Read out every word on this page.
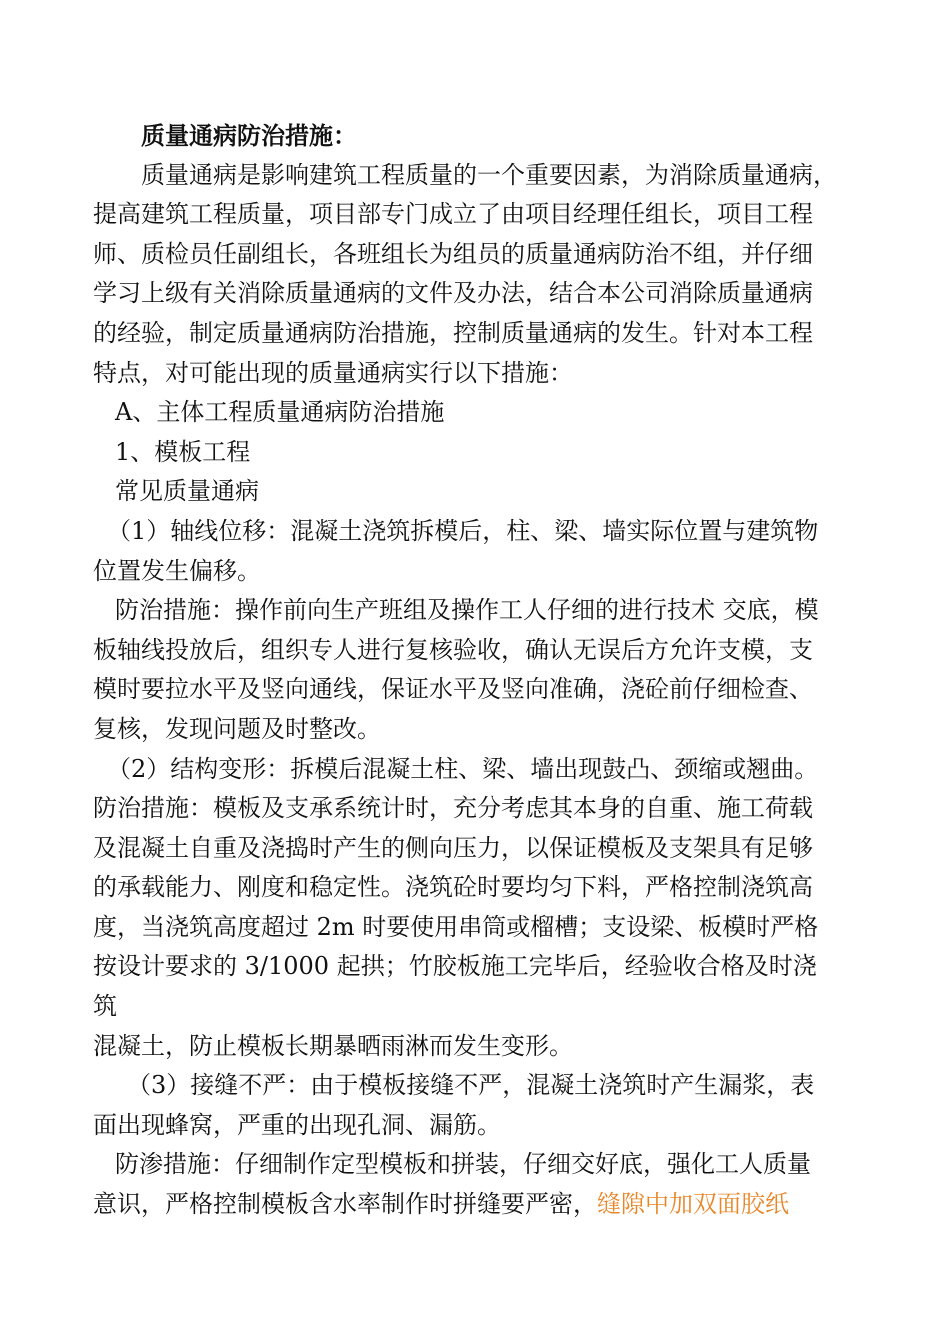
质量通病防治措施：
质量通病是影响建筑工程质量的一个重要因素，为消除质量通病，
提高建筑工程质量，项目部专门成立了由项目经理任组长，项目工程
师、质检员任副组长，各班组长为组员的质量通病防治不组，并仔细
学习上级有关消除质量通病的文件及办法，结合本公司消除质量通病
的经验，制定质量通病防治措施，控制质量通病的发生。针对本工程
特点，对可能出现的质量通病实行以下措施：
A、主体工程质量通病防治措施
1、模板工程
常见质量通病
（1）轴线位移：混凝土浇筑拆模后，柱、梁、墙实际位置与建筑物
位置发生偏移。
防治措施：操作前向生产班组及操作工人仔细的进行技术 交底，模
板轴线投放后，组织专人进行复核验收，确认无误后方允许支模，支
模时要拉水平及竖向通线，保证水平及竖向准确，浇砼前仔细检查、
复核，发现问题及时整改。
（2）结构变形：拆模后混凝土柱、梁、墙出现鼓凸、颈缩或翘曲。
防治措施：模板及支承系统计时，充分考虑其本身的自重、施工荷载
及混凝土自重及浇捣时产生的侧向压力，以保证模板及支架具有足够
的承载能力、刚度和稳定性。浇筑砼时要均匀下料，严格控制浇筑高
度，当浇筑高度超过 2m 时要使用串筒或榴槽；支设梁、板模时严格
按设计要求的 3/1000 起拱；竹胶板施工完毕后，经验收合格及时浇
筑
混凝土，防止模板长期暴晒雨淋而发生变形。
（3）接缝不严：由于模板接缝不严，混凝土浇筑时产生漏浆，表
面出现蜂窝，严重的出现孔洞、漏筋。
防渗措施：仔细制作定型模板和拼装，仔细交好底，强化工人质量
意识，严格控制模板含水率制作时拼缝要严密，缝隙中加双面胶纸
